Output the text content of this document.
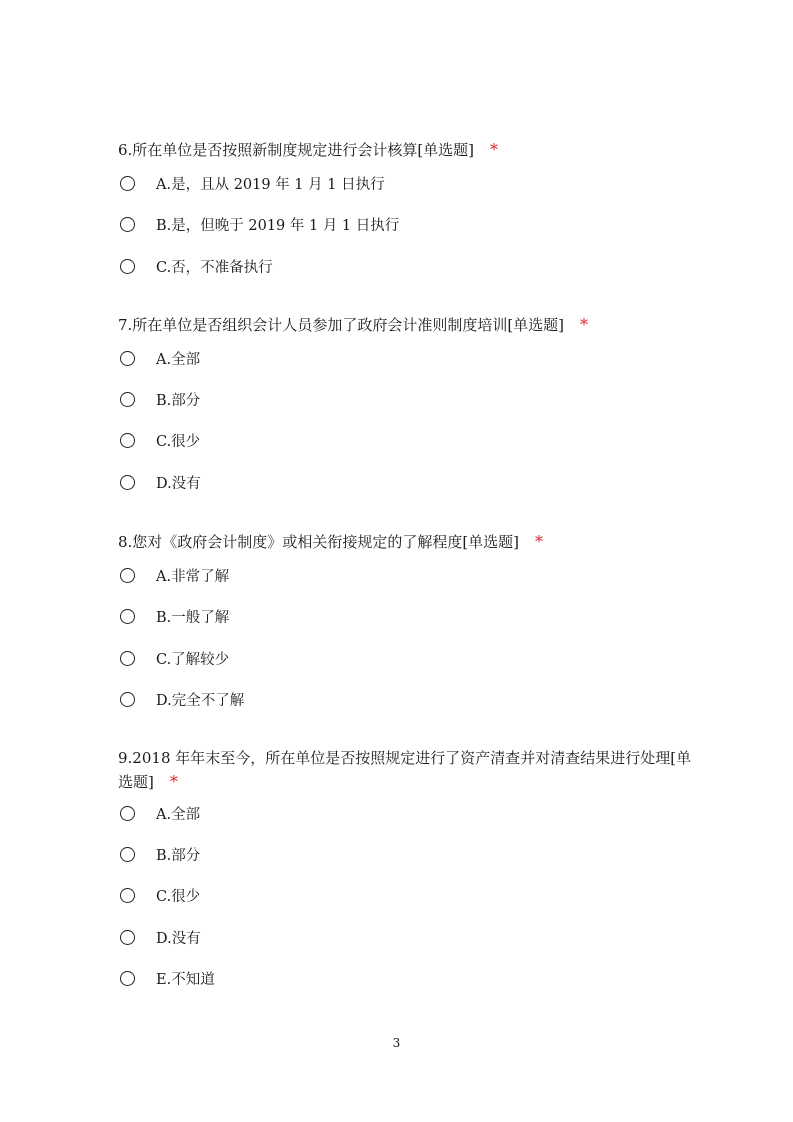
6.所在单位是否按照新制度规定进行会计核算[单选题] *
A.是，且从 2019 年 1 月 1 日执行
B.是，但晚于 2019 年 1 月 1 日执行
C.否，不准备执行
7.所在单位是否组织会计人员参加了政府会计准则制度培训[单选题] *
A.全部
B.部分
C.很少
D.没有
8.您对《政府会计制度》或相关衔接规定的了解程度[单选题] *
A.非常了解
B.一般了解
C.了解较少
D.完全不了解
9.2018 年年末至今，所在单位是否按照规定进行了资产清查并对清查结果进行处理[单选题] *
A.全部
B.部分
C.很少
D.没有
E.不知道
3
